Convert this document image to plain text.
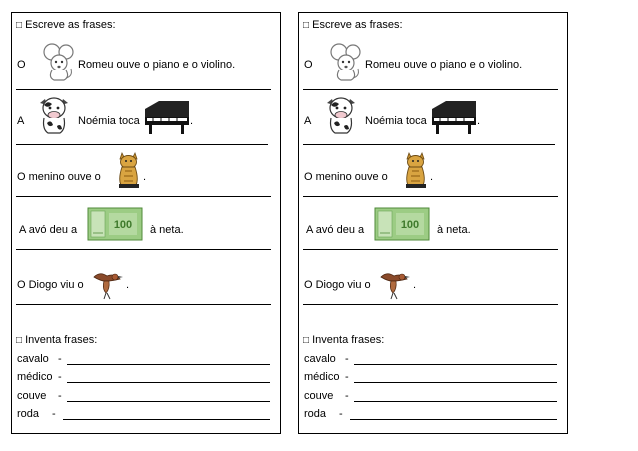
□ Escreve as frases:
O	Romeu ouve o piano e o violino.
A	Noémia toca	.
O menino ouve o	.
A avó deu a	100 à neta.
O Diogo viu o	.
□ Inventa frases:
cavalo -
médico -
couve -
roda -
□ Escreve as frases:
O	Romeu ouve o piano e o violino.
A	Noémia toca	.
O menino ouve o	.
A avó deu a	100 à neta.
O Diogo viu o	.
□ Inventa frases:
cavalo -
médico -
couve -
roda -
